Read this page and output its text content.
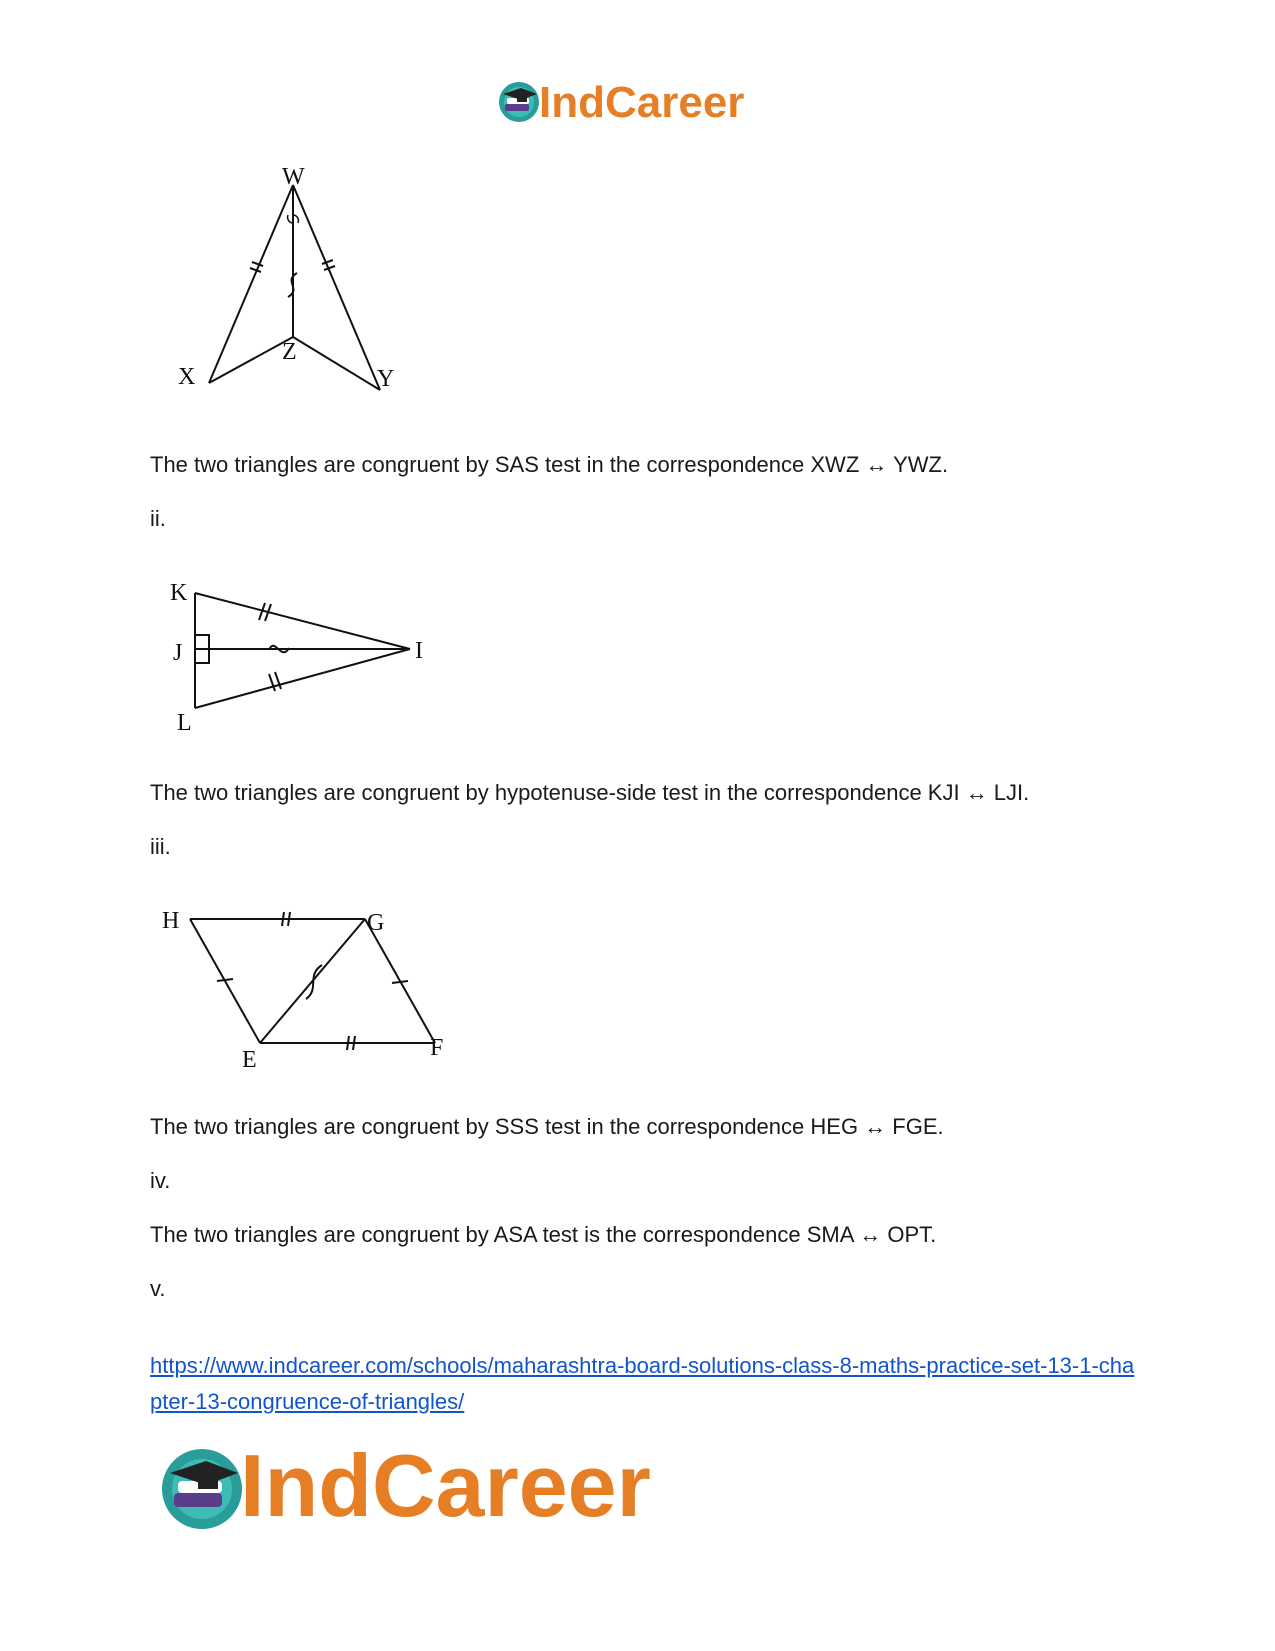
IndCareer
W
X
Z
Y
The two triangles are congruent by SAS test in the correspondence XWZ ↔ YWZ.
ii.
K
J
L
I
The two triangles are congruent by hypotenuse-side test in the correspondence KJI ↔ LJI.
iii.
H	G
E	F
The two triangles are congruent by SSS test in the correspondence HEG ↔ FGE.
iv.
The two triangles are congruent by ASA test is the correspondence SMA ↔ OPT.
v.
https://www.indcareer.com/schools/maharashtra-board-solutions-class-8-maths-practice-set-13-1-chapter-13-congruence-of-triangles/
IndCareer
